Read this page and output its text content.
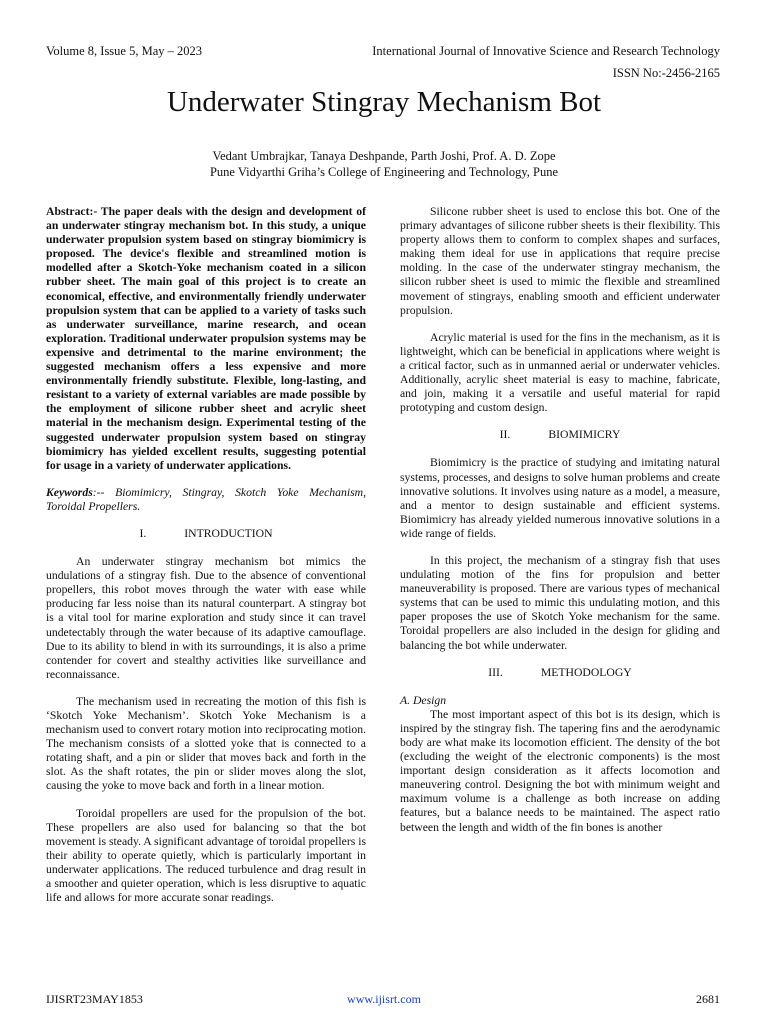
Volume 8, Issue 5, May – 2023	International Journal of Innovative Science and Research Technology
ISSN No:-2456-2165
Underwater Stingray Mechanism Bot
Vedant Umbrajkar, Tanaya Deshpande, Parth Joshi, Prof. A. D. Zope
Pune Vidyarthi Griha’s College of Engineering and Technology, Pune

Abstract:- The paper deals with the design and development of an underwater stingray mechanism bot. In this study, a unique underwater propulsion system based on stingray biomimicry is proposed. The device's flexible and streamlined motion is modelled after a Skotch-Yoke mechanism coated in a silicon rubber sheet. The main goal of this project is to create an economical, effective, and environmentally friendly underwater propulsion system that can be applied to a variety of tasks such as underwater surveillance, marine research, and ocean exploration. Traditional underwater propulsion systems may be expensive and detrimental to the marine environment; the suggested mechanism offers a less expensive and more environmentally friendly substitute. Flexible, long-lasting, and resistant to a variety of external variables are made possible by the employment of silicone rubber sheet and acrylic sheet material in the mechanism design. Experimental testing of the suggested underwater propulsion system based on stingray biomimicry has yielded excellent results, suggesting potential for usage in a variety of underwater applications.

Keywords:-- Biomimicry, Stingray, Skotch Yoke Mechanism, Toroidal Propellers.

I.	INTRODUCTION

An underwater stingray mechanism bot mimics the undulations of a stingray fish. Due to the absence of conventional propellers, this robot moves through the water with ease while producing far less noise than its natural counterpart. A stingray bot is a vital tool for marine exploration and study since it can travel undetectably through the water because of its adaptive camouflage. Due to its ability to blend in with its surroundings, it is also a prime contender for covert and stealthy activities like surveillance and reconnaissance.

The mechanism used in recreating the motion of this fish is ‘Skotch Yoke Mechanism’. Skotch Yoke Mechanism is a mechanism used to convert rotary motion into reciprocating motion. The mechanism consists of a slotted yoke that is connected to a rotating shaft, and a pin or slider that moves back and forth in the slot. As the shaft rotates, the pin or slider moves along the slot, causing the yoke to move back and forth in a linear motion.

Toroidal propellers are used for the propulsion of the bot. These propellers are also used for balancing so that the bot movement is steady. A significant advantage of toroidal propellers is their ability to operate quietly, which is particularly important in underwater applications. The reduced turbulence and drag result in a smoother and quieter operation, which is less disruptive to aquatic life and allows for more accurate sonar readings.

Silicone rubber sheet is used to enclose this bot. One of the primary advantages of silicone rubber sheets is their flexibility. This property allows them to conform to complex shapes and surfaces, making them ideal for use in applications that require precise molding. In the case of the underwater stingray mechanism, the silicon rubber sheet is used to mimic the flexible and streamlined movement of stingrays, enabling smooth and efficient underwater propulsion.

Acrylic material is used for the fins in the mechanism, as it is lightweight, which can be beneficial in applications where weight is a critical factor, such as in unmanned aerial or underwater vehicles. Additionally, acrylic sheet material is easy to machine, fabricate, and join, making it a versatile and useful material for rapid prototyping and custom design.

II.	BIOMIMICRY

Biomimicry is the practice of studying and imitating natural systems, processes, and designs to solve human problems and create innovative solutions. It involves using nature as a model, a measure, and a mentor to design sustainable and efficient systems. Biomimicry has already yielded numerous innovative solutions in a wide range of fields.

In this project, the mechanism of a stingray fish that uses undulating motion of the fins for propulsion and better maneuverability is proposed. There are various types of mechanical systems that can be used to mimic this undulating motion, and this paper proposes the use of Skotch Yoke mechanism for the same. Toroidal propellers are also included in the design for gliding and balancing the bot while underwater.

III.	METHODOLOGY

A. Design

The most important aspect of this bot is its design, which is inspired by the stingray fish. The tapering fins and the aerodynamic body are what make its locomotion efficient. The density of the bot (excluding the weight of the electronic components) is the most important design consideration as it affects locomotion and maneuvering control. Designing the bot with minimum weight and maximum volume is a challenge as both increase on adding features, but a balance needs to be maintained. The aspect ratio between the length and width of the fin bones is another

IJISRT23MAY1853	www.ijisrt.com	2681
